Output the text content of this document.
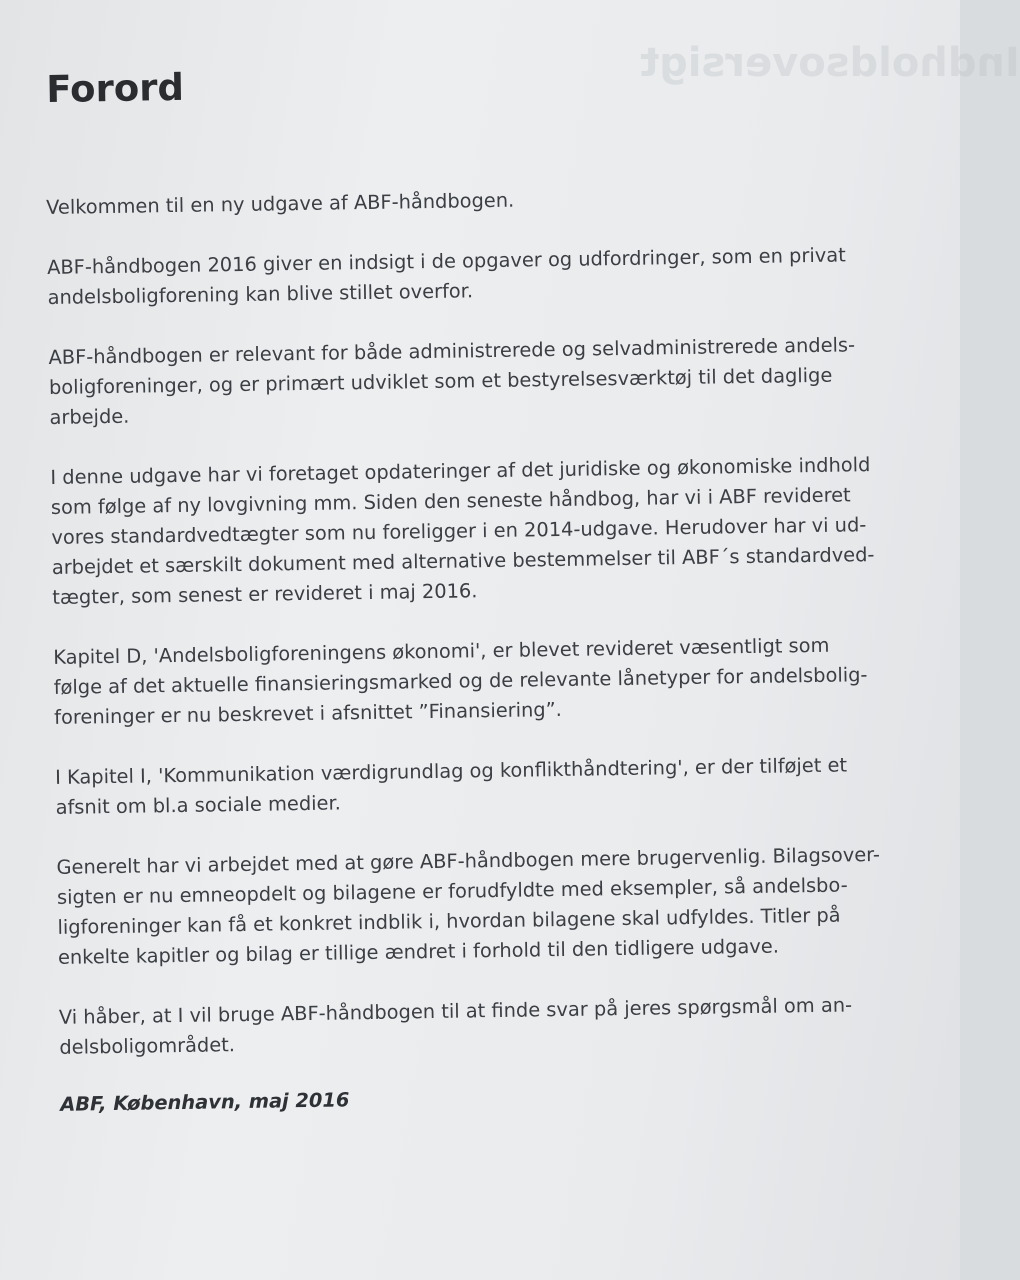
Indholdsoversigt
Forord

Velkommen til en ny udgave af ABF-håndbogen.

ABF-håndbogen 2016 giver en indsigt i de opgaver og udfordringer, som en privat
andelsboligforening kan blive stillet overfor.

ABF-håndbogen er relevant for både administrerede og selvadministrerede andels-
boligforeninger, og er primært udviklet som et bestyrelsesværktøj til det daglige
arbejde.

I denne udgave har vi foretaget opdateringer af det juridiske og økonomiske indhold
som følge af ny lovgivning mm. Siden den seneste håndbog, har vi i ABF revideret
vores standardvedtægter som nu foreligger i en 2014-udgave. Herudover har vi ud-
arbejdet et særskilt dokument med alternative bestemmelser til ABF´s standardved-
tægter, som senest er revideret i maj 2016.

Kapitel D, 'Andelsboligforeningens økonomi', er blevet revideret væsentligt som
følge af det aktuelle finansieringsmarked og de relevante lånetyper for andelsbolig-
foreninger er nu beskrevet i afsnittet ”Finansiering”.

I Kapitel I, 'Kommunikation værdigrundlag og konflikthåndtering', er der tilføjet et
afsnit om bl.a sociale medier.

Generelt har vi arbejdet med at gøre ABF-håndbogen mere brugervenlig. Bilagsover-
sigten er nu emneopdelt og bilagene er forudfyldte med eksempler, så andelsbo-
ligforeninger kan få et konkret indblik i, hvordan bilagene skal udfyldes. Titler på
enkelte kapitler og bilag er tillige ændret i forhold til den tidligere udgave.

Vi håber, at I vil bruge ABF-håndbogen til at finde svar på jeres spørgsmål om an-
delsboligområdet.

ABF, København, maj 2016
